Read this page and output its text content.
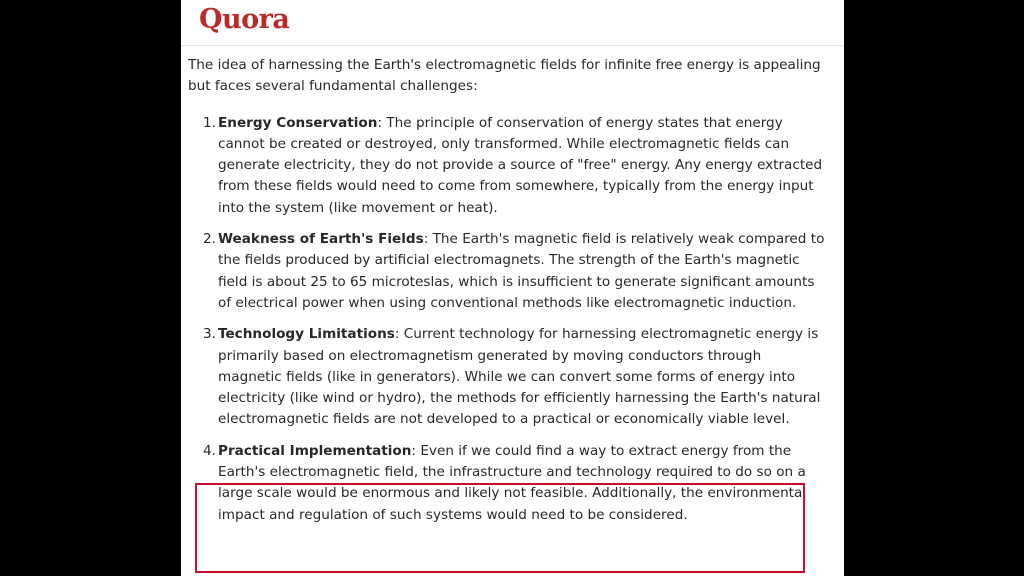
Quora

The idea of harnessing the Earth's electromagnetic fields for infinite free energy is appealing but faces several fundamental challenges:

1. Energy Conservation: The principle of conservation of energy states that energy cannot be created or destroyed, only transformed. While electromagnetic fields can generate electricity, they do not provide a source of "free" energy. Any energy extracted from these fields would need to come from somewhere, typically from the energy input into the system (like movement or heat).
2. Weakness of Earth's Fields: The Earth's magnetic field is relatively weak compared to the fields produced by artificial electromagnets. The strength of the Earth's magnetic field is about 25 to 65 microteslas, which is insufficient to generate significant amounts of electrical power when using conventional methods like electromagnetic induction.
3. Technology Limitations: Current technology for harnessing electromagnetic energy is primarily based on electromagnetism generated by moving conductors through magnetic fields (like in generators). While we can convert some forms of energy into electricity (like wind or hydro), the methods for efficiently harnessing the Earth's natural electromagnetic fields are not developed to a practical or economically viable level.
4. Practical Implementation: Even if we could find a way to extract energy from the Earth's electromagnetic field, the infrastructure and technology required to do so on a large scale would be enormous and likely not feasible. Additionally, the environmental impact and regulation of such systems would need to be considered.
